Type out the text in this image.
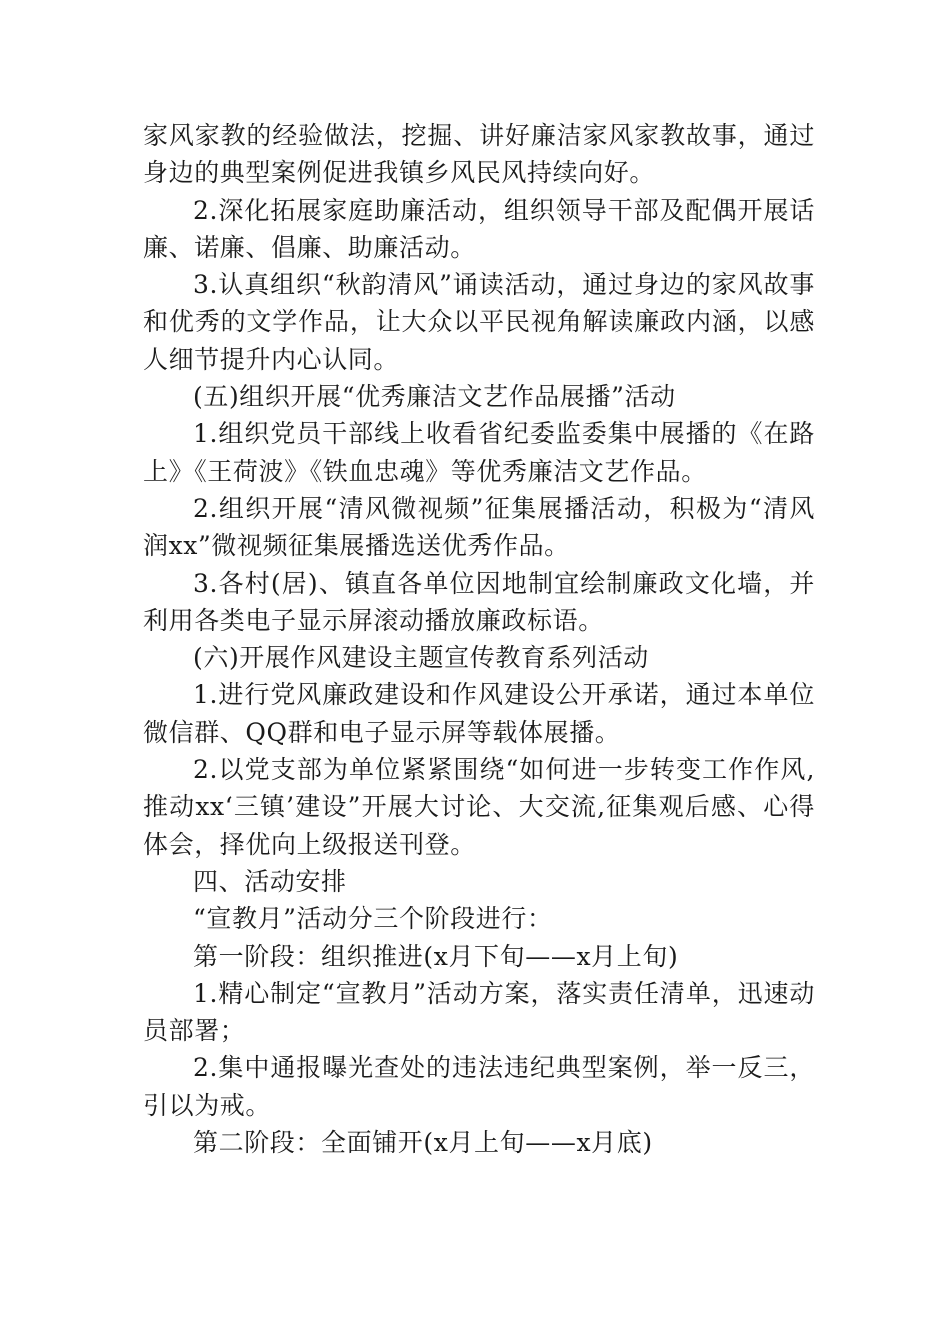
家风家教的经验做法，挖掘、讲好廉洁家风家教故事，通过身边的典型案例促进我镇乡风民风持续向好。

2.深化拓展家庭助廉活动，组织领导干部及配偶开展话廉、诺廉、倡廉、助廉活动。

3.认真组织“秋韵清风”诵读活动，通过身边的家风故事和优秀的文学作品，让大众以平民视角解读廉政内涵，以感人细节提升内心认同。

(五)组织开展“优秀廉洁文艺作品展播”活动

1.组织党员干部线上收看省纪委监委集中展播的《在路上》《王荷波》《铁血忠魂》等优秀廉洁文艺作品。

2.组织开展“清风微视频”征集展播活动，积极为“清风润xx”微视频征集展播选送优秀作品。

3.各村(居)、镇直各单位因地制宜绘制廉政文化墙，并利用各类电子显示屏滚动播放廉政标语。

(六)开展作风建设主题宣传教育系列活动

1.进行党风廉政建设和作风建设公开承诺，通过本单位微信群、QQ群和电子显示屏等载体展播。

2.以党支部为单位紧紧围绕“如何进一步转变工作作风,推动xx‘三镇’建设”开展大讨论、大交流,征集观后感、心得体会，择优向上级报送刊登。

四、活动安排

“宣教月”活动分三个阶段进行：

第一阶段：组织推进(x月下旬——x月上旬)

1.精心制定“宣教月”活动方案，落实责任清单，迅速动员部署；

2.集中通报曝光查处的违法违纪典型案例，举一反三，引以为戒。

第二阶段：全面铺开(x月上旬——x月底)
